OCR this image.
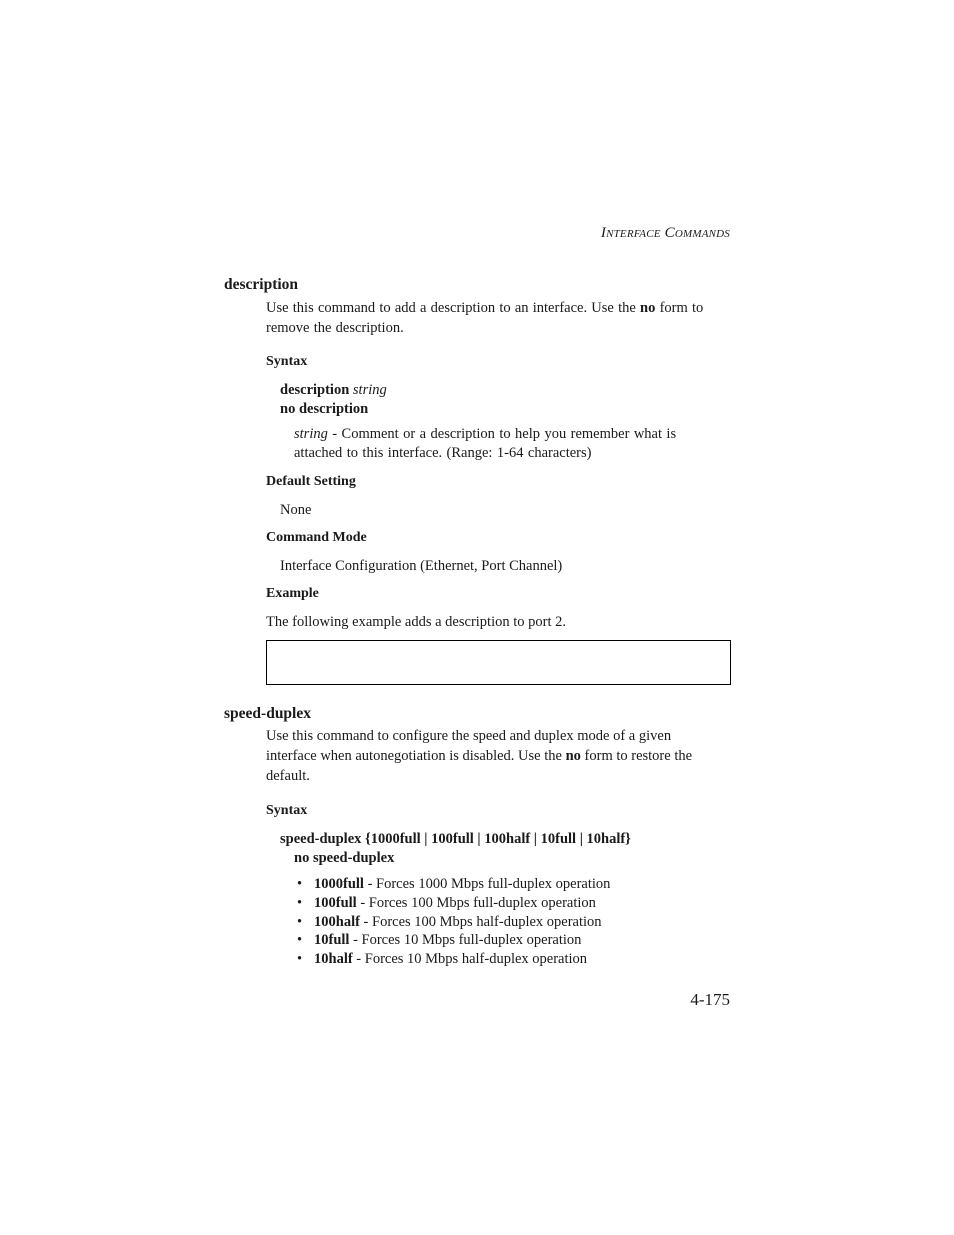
INTERFACE COMMANDS
description
Use this command to add a description to an interface. Use the no form to remove the description.
Syntax
description string
no description
string - Comment or a description to help you remember what is attached to this interface. (Range: 1-64 characters)
Default Setting
None
Command Mode
Interface Configuration (Ethernet, Port Channel)
Example
The following example adds a description to port 2.
speed-duplex
Use this command to configure the speed and duplex mode of a given interface when autonegotiation is disabled. Use the no form to restore the default.
Syntax
speed-duplex {1000full | 100full | 100half | 10full | 10half}
no speed-duplex
• 1000full - Forces 1000 Mbps full-duplex operation
• 100full - Forces 100 Mbps full-duplex operation
• 100half - Forces 100 Mbps half-duplex operation
• 10full - Forces 10 Mbps full-duplex operation
• 10half - Forces 10 Mbps half-duplex operation
4-175
